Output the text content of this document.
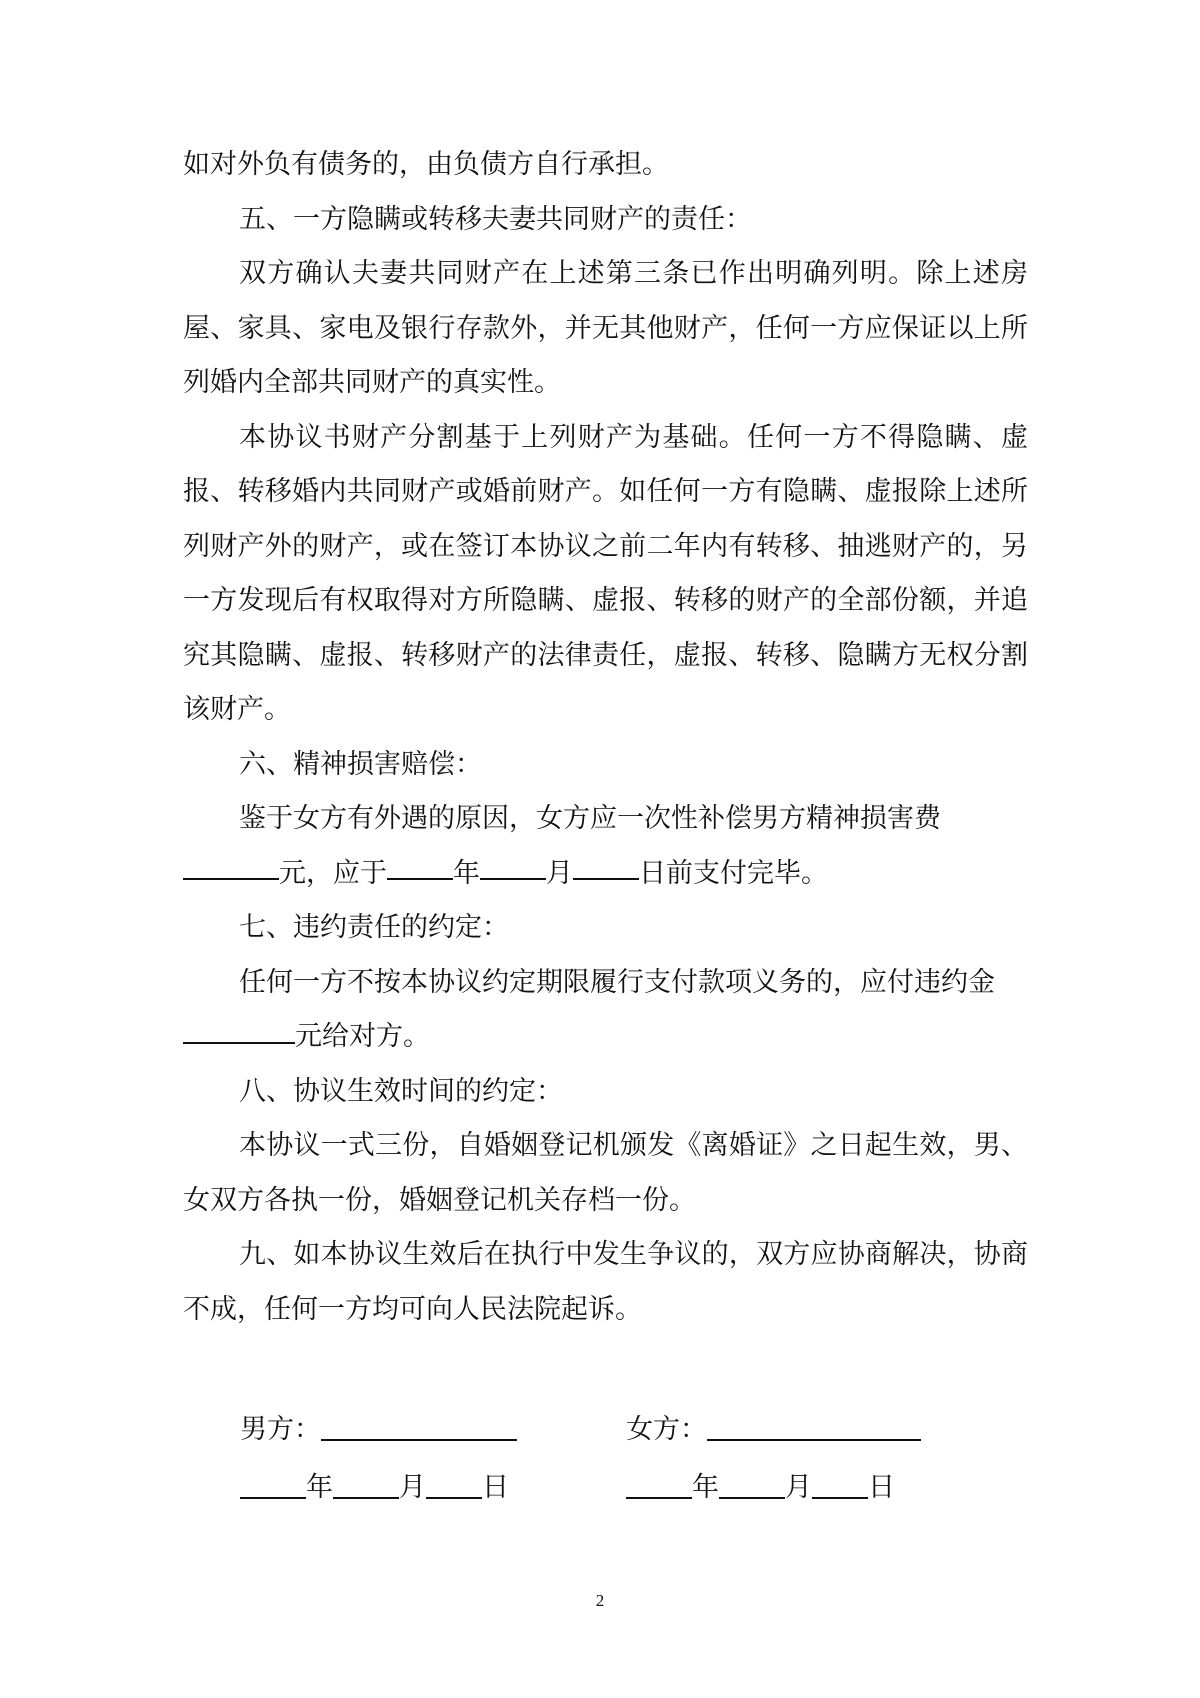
如对外负有债务的，由负债方自行承担。

五、一方隐瞒或转移夫妻共同财产的责任：

双方确认夫妻共同财产在上述第三条已作出明确列明。除上述房屋、家具、家电及银行存款外，并无其他财产，任何一方应保证以上所列婚内全部共同财产的真实性。

本协议书财产分割基于上列财产为基础。任何一方不得隐瞒、虚报、转移婚内共同财产或婚前财产。如任何一方有隐瞒、虚报除上述所列财产外的财产，或在签订本协议之前二年内有转移、抽逃财产的，另一方发现后有权取得对方所隐瞒、虚报、转移的财产的全部份额，并追究其隐瞒、虚报、转移财产的法律责任，虚报、转移、隐瞒方无权分割该财产。

六、精神损害赔偿：

鉴于女方有外遇的原因，女方应一次性补偿男方精神损害费
元，应于 年 月 日前支付完毕。

七、违约责任的约定：

任何一方不按本协议约定期限履行支付款项义务的，应付违约金
元给对方。

八、协议生效时间的约定：

本协议一式三份，自婚姻登记机颁发《离婚证》之日起生效，男、女双方各执一份，婚姻登记机关存档一份。

九、如本协议生效后在执行中发生争议的，双方应协商解决，协商不成，任何一方均可向人民法院起诉。

男方：	女方：
年 月 日	年 月 日
2
